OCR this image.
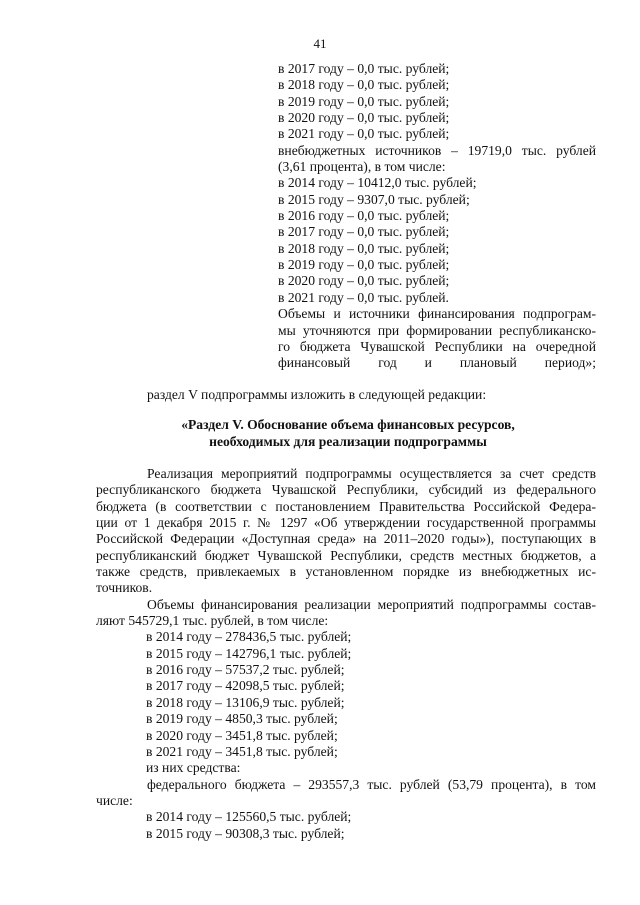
41
в 2017 году – 0,0 тыс. рублей;
в 2018 году – 0,0 тыс. рублей;
в 2019 году – 0,0 тыс. рублей;
в 2020 году – 0,0 тыс. рублей;
в 2021 году – 0,0 тыс. рублей;
внебюджетных источников – 19719,0 тыс. рублей
(3,61 процента), в том числе:
в 2014 году – 10412,0 тыс. рублей;
в 2015 году – 9307,0 тыс. рублей;
в 2016 году – 0,0 тыс. рублей;
в 2017 году – 0,0 тыс. рублей;
в 2018 году – 0,0 тыс. рублей;
в 2019 году – 0,0 тыс. рублей;
в 2020 году – 0,0 тыс. рублей;
в 2021 году – 0,0 тыс. рублей.
Объемы и источники финансирования подпрограм-
мы уточняются при формировании республиканско-
го бюджета Чувашской Республики на очередной
финансовый год и плановый период»;
раздел V подпрограммы изложить в следующей редакции:
«Раздел V. Обоснование объема финансовых ресурсов,
необходимых для реализации подпрограммы
Реализация мероприятий подпрограммы осуществляется за счет средств
республиканского бюджета Чувашской Республики, субсидий из федерального
бюджета (в соответствии с постановлением Правительства Российской Федера-
ции от 1 декабря 2015 г. № 1297 «Об утверждении государственной программы
Российской Федерации «Доступная среда» на 2011–2020 годы»), поступающих в
республиканский бюджет Чувашской Республики, средств местных бюджетов, а
также средств, привлекаемых в установленном порядке из внебюджетных ис-
точников.
Объемы финансирования реализации мероприятий подпрограммы состав-
ляют 545729,1 тыс. рублей, в том числе:
в 2014 году – 278436,5 тыс. рублей;
в 2015 году – 142796,1 тыс. рублей;
в 2016 году – 57537,2 тыс. рублей;
в 2017 году – 42098,5 тыс. рублей;
в 2018 году – 13106,9 тыс. рублей;
в 2019 году – 4850,3 тыс. рублей;
в 2020 году – 3451,8 тыс. рублей;
в 2021 году – 3451,8 тыс. рублей;
из них средства:
федерального бюджета – 293557,3 тыс. рублей (53,79 процента), в том
числе:
в 2014 году – 125560,5 тыс. рублей;
в 2015 году – 90308,3 тыс. рублей;
